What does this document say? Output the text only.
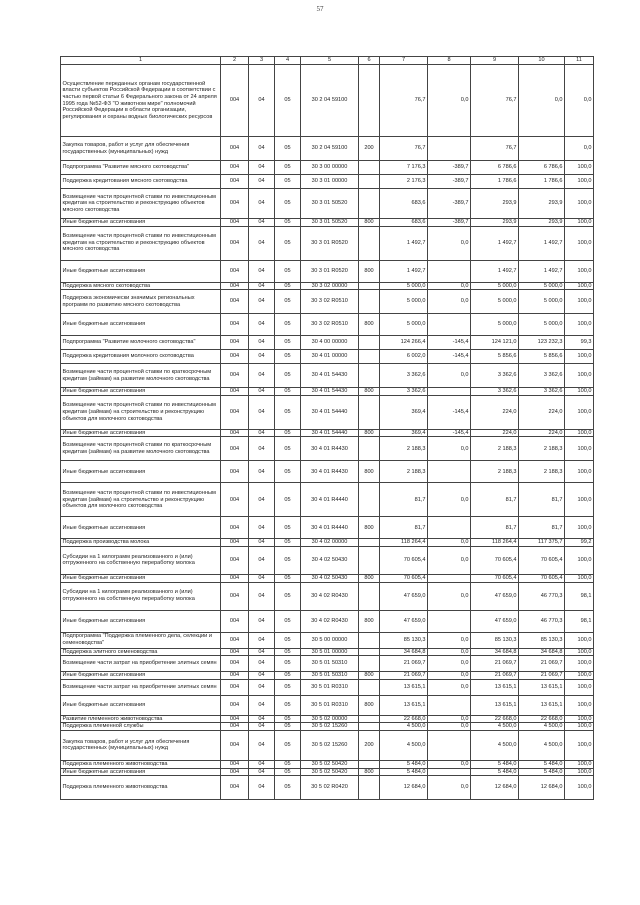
57
1	2	3	4	5	6	7	8	9	10	11
Осуществление переданных органам государственной власти субъектов Российской Федерации в соответствии с частью первой статьи 6 Федерального закона от 24 апреля 1995 года №52-ФЗ "О животном мире" полномочий Российской Федерации в области организации, регулирования и охраны водных биологических ресурсов	004	04	05	30 2 04 59100		76,7	0,0	76,7	0,0	0,0
Закупка товаров, работ и услуг для обеспечения государственных (муниципальных) нужд	004	04	05	30 2 04 59100	200	76,7		76,7		0,0
Подпрограмма "Развитие мясного скотоводства"	004	04	05	30 3 00 00000		7 176,3	-389,7	6 786,6	6 786,6	100,0
Поддержка кредитования мясного скотоводства	004	04	05	30 3 01 00000		2 176,3	-389,7	1 786,6	1 786,6	100,0
Возмещение части процентной ставки по инвестиционным кредитам на строительство и реконструкцию объектов мясного скотоводства	004	04	05	30 3 01 50520		683,6	-389,7	293,9	293,9	100,0
Иные бюджетные ассигнования	004	04	05	30 3 01 50520	800	683,6	-389,7	293,9	293,9	100,0
Возмещение части процентной ставки по инвестиционным кредитам на строительство и реконструкцию объектов мясного скотоводства	004	04	05	30 3 01 R0520		1 492,7	0,0	1 492,7	1 492,7	100,0
Иные бюджетные ассигнования	004	04	05	30 3 01 R0520	800	1 492,7		1 492,7	1 492,7	100,0
Поддержка мясного скотоводства	004	04	05	30 3 02 00000		5 000,0	0,0	5 000,0	5 000,0	100,0
Поддержка экономически значимых региональных программ по развитию мясного скотоводства	004	04	05	30 3 02 R0510		5 000,0	0,0	5 000,0	5 000,0	100,0
Иные бюджетные ассигнования	004	04	05	30 3 02 R0510	800	5 000,0		5 000,0	5 000,0	100,0
Подпрограмма "Развитие молочного скотоводства"	004	04	05	30 4 00 00000		124 266,4	-145,4	124 121,0	123 232,3	99,3
Поддержка кредитования молочного скотоводства	004	04	05	30 4 01 00000		6 002,0	-145,4	5 856,6	5 856,6	100,0
Возмещение части процентной ставки по краткосрочным кредитам (займам) на развитие молочного скотоводства	004	04	05	30 4 01 54430		3 362,6	0,0	3 362,6	3 362,6	100,0
Иные бюджетные ассигнования	004	04	05	30 4 01 54430	800	3 362,6		3 362,6	3 362,6	100,0
Возмещение части процентной ставки по инвестиционным кредитам (займам) на строительство и реконструкцию объектов для молочного скотоводства	004	04	05	30 4 01 54440		369,4	-145,4	224,0	224,0	100,0
Иные бюджетные ассигнования	004	04	05	30 4 01 54440	800	369,4	-145,4	224,0	224,0	100,0
Возмещение части процентной ставки по краткосрочным кредитам (займам) на развитие молочного скотоводства	004	04	05	30 4 01 R4430		2 188,3	0,0	2 188,3	2 188,3	100,0
Иные бюджетные ассигнования	004	04	05	30 4 01 R4430	800	2 188,3		2 188,3	2 188,3	100,0
Возмещение части процентной ставки по инвестиционным кредитам (займам) на строительство и реконструкцию объектов для молочного скотоводства	004	04	05	30 4 01 R4440		81,7	0,0	81,7	81,7	100,0
Иные бюджетные ассигнования	004	04	05	30 4 01 R4440	800	81,7		81,7	81,7	100,0
Поддержка производства молока	004	04	05	30 4 02 00000		118 264,4	0,0	118 264,4	117 375,7	99,2
Субсидии на 1 килограмм реализованного и (или) отгруженного на собственную переработку молока	004	04	05	30 4 02 50430		70 605,4	0,0	70 605,4	70 605,4	100,0
Иные бюджетные ассигнования	004	04	05	30 4 02 50430	800	70 605,4		70 605,4	70 605,4	100,0
Субсидии на 1 килограмм реализованного и (или) отгруженного на собственную переработку молока	004	04	05	30 4 02 R0430		47 659,0	0,0	47 659,0	46 770,3	98,1
Иные бюджетные ассигнования	004	04	05	30 4 02 R0430	800	47 659,0		47 659,0	46 770,3	98,1
Подпрограмма "Поддержка племенного дела, селекции и семеноводства"	004	04	05	30 5 00 00000		85 130,3	0,0	85 130,3	85 130,3	100,0
Поддержка элитного семеноводства	004	04	05	30 5 01 00000		34 684,8	0,0	34 684,8	34 684,8	100,0
Возмещение части затрат на приобретение элитных семян	004	04	05	30 5 01 50310		21 069,7	0,0	21 069,7	21 069,7	100,0
Иные бюджетные ассигнования	004	04	05	30 5 01 50310	800	21 069,7	0,0	21 069,7	21 069,7	100,0
Возмещение части затрат на приобретение элитных семян	004	04	05	30 5 01 R0310		13 615,1	0,0	13 615,1	13 615,1	100,0
Иные бюджетные ассигнования	004	04	05	30 5 01 R0310	800	13 615,1		13 615,1	13 615,1	100,0
Развитие племенного животноводства	004	04	05	30 5 02 00000		22 668,0	0,0	22 668,0	22 668,0	100,0
Поддержка племенной службы	004	04	05	30 5 02 15260		4 500,0	0,0	4 500,0	4 500,0	100,0
Закупка товаров, работ и услуг для обеспечения государственных (муниципальных) нужд	004	04	05	30 5 02 15260	200	4 500,0		4 500,0	4 500,0	100,0
Поддержка племенного животноводства	004	04	05	30 5 02 50420		5 484,0	0,0	5 484,0	5 484,0	100,0
Иные бюджетные ассигнования	004	04	05	30 5 02 50420	800	5 484,0		5 484,0	5 484,0	100,0
Поддержка племенного животноводства	004	04	05	30 5 02 R0420		12 684,0	0,0	12 684,0	12 684,0	100,0
